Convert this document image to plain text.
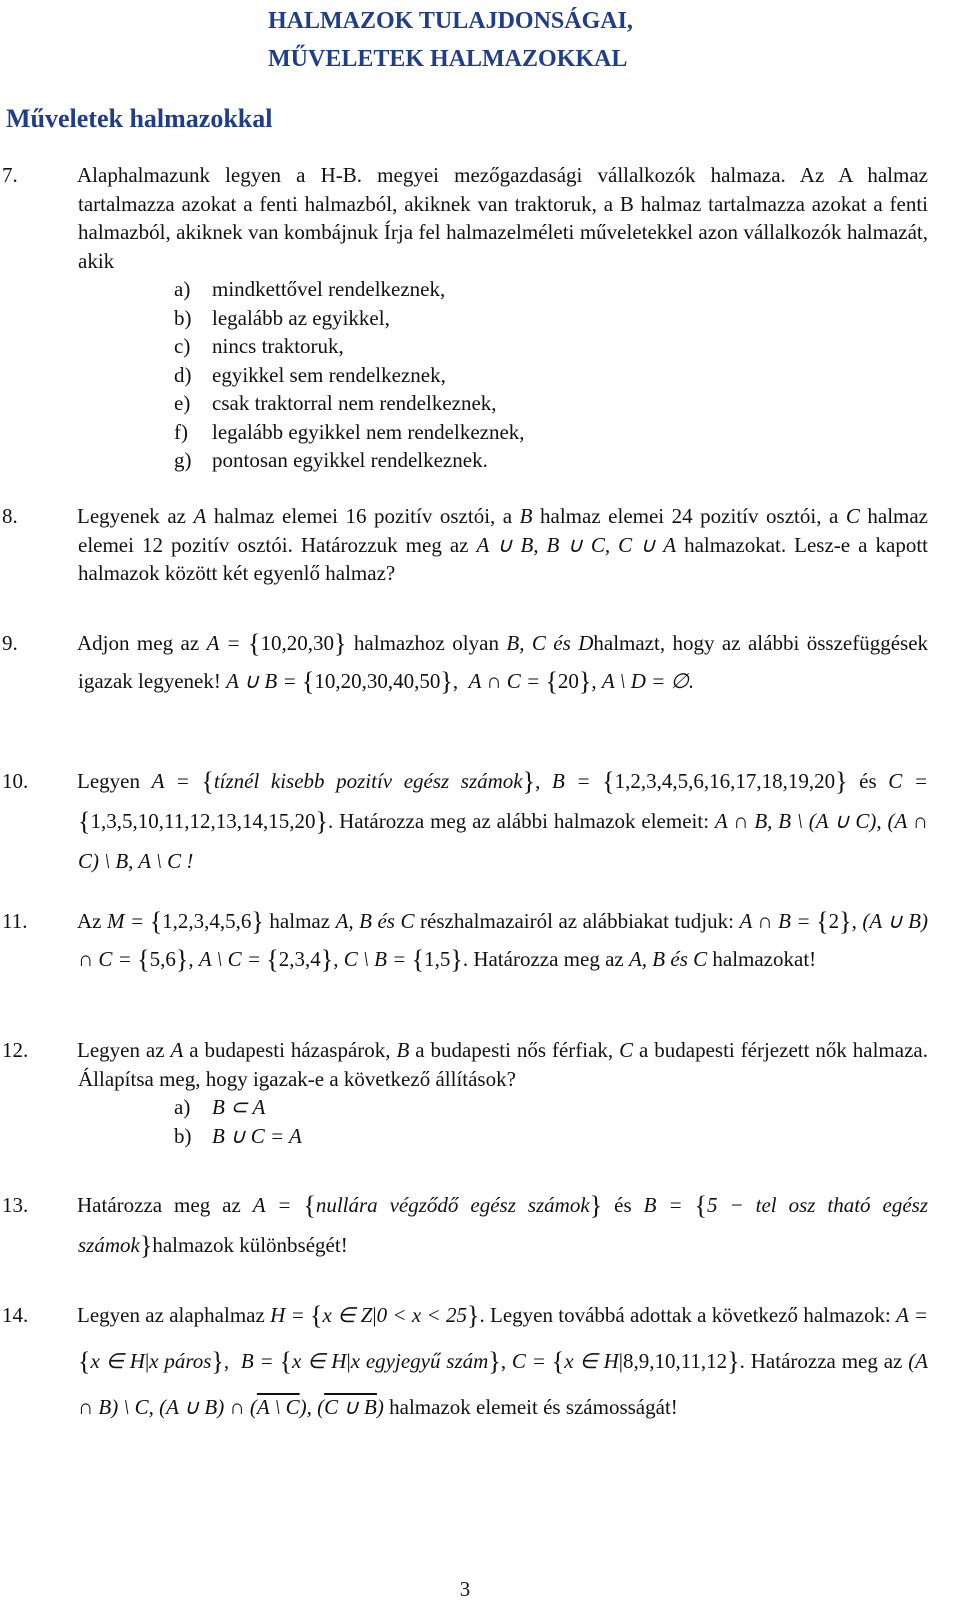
HALMAZOK TULAJDONSÁGAI,
MŰVELETEK HALMAZOKKAL
Műveletek halmazokkal

7.	Alaphalmazunk legyen a H-B. megyei mezőgazdasági vállalkozók halmaza. Az A halmaz tartalmazza azokat a fenti halmazból, akiknek van traktoruk, a B halmaz tartalmazza azokat a fenti halmazból, akiknek van kombájnuk Írja fel halmazelméleti műveletekkel azon vállalkozók halmazát, akik

a) mindkettővel rendelkeznek,

b) legalább az egyikkel,

c) nincs traktoruk,

d) egyikkel sem rendelkeznek,

e) csak traktorral nem rendelkeznek,

f) legalább egyikkel nem rendelkeznek,

g) pontosan egyikkel rendelkeznek.

8.	Legyenek az A halmaz elemei 16 pozitív osztói, a B halmaz elemei 24 pozitív osztói, a C halmaz elemei 12 pozitív osztói. Határozzuk meg az A ∪ B, B ∪ C, C ∪ A halmazokat. Lesz-e a kapott halmazok között két egyenlő halmaz?

9.	Adjon meg az A = {10,20,30} halmazhoz olyan B, C és Dhalmazt, hogy az alábbi összefüggések igazak legyenek! A ∪ B = {10,20,30,40,50},  A ∩ C = {20}, A \ D = ∅.

10. Legyen A = {tíznél kisebb pozitív egész számok}, B = {1,2,3,4,5,6,16,17,18,19,20} és C = {1,3,5,10,11,12,13,14,15,20}. Határozza meg az alábbi halmazok elemeit: A ∩ B, B \ (A ∪ C), (A ∩ C) \ B, A \ C !

11. Az M = {1,2,3,4,5,6} halmaz A, B és C részhalmazairól az alábbiakat tudjuk: A ∩ B = {2}, (A ∪ B) ∩ C = {5,6}, A \ C = {2,3,4}, C \ B = {1,5}. Határozza meg az A, B és C halmazokat!

12. Legyen az A a budapesti házaspárok, B a budapesti nős férfiak, C a budapesti férjezett nők halmaza. Állapítsa meg, hogy igazak-e a következő állítások?

a) B ⊂ A

b) B ∪ C = A

13. Határozza meg az A = {nullára végződő egész számok} és B = {5 − tel osz tható egész számok}halmazok különbségét!

14. Legyen az alaphalmaz H = {x ∈ Z|0 < x < 25}. Legyen továbbá adottak a következő halmazok: A = {x ∈ H|x páros},  B = {x ∈ H|x egyjegyű szám}, C = {x ∈ H|8,9,10,11,12}. Határozza meg az (A ∩ B) \ C, (A ∪ B) ∩ (A \ C), (C ∪ B) halmazok elemeit és számosságát!

3
